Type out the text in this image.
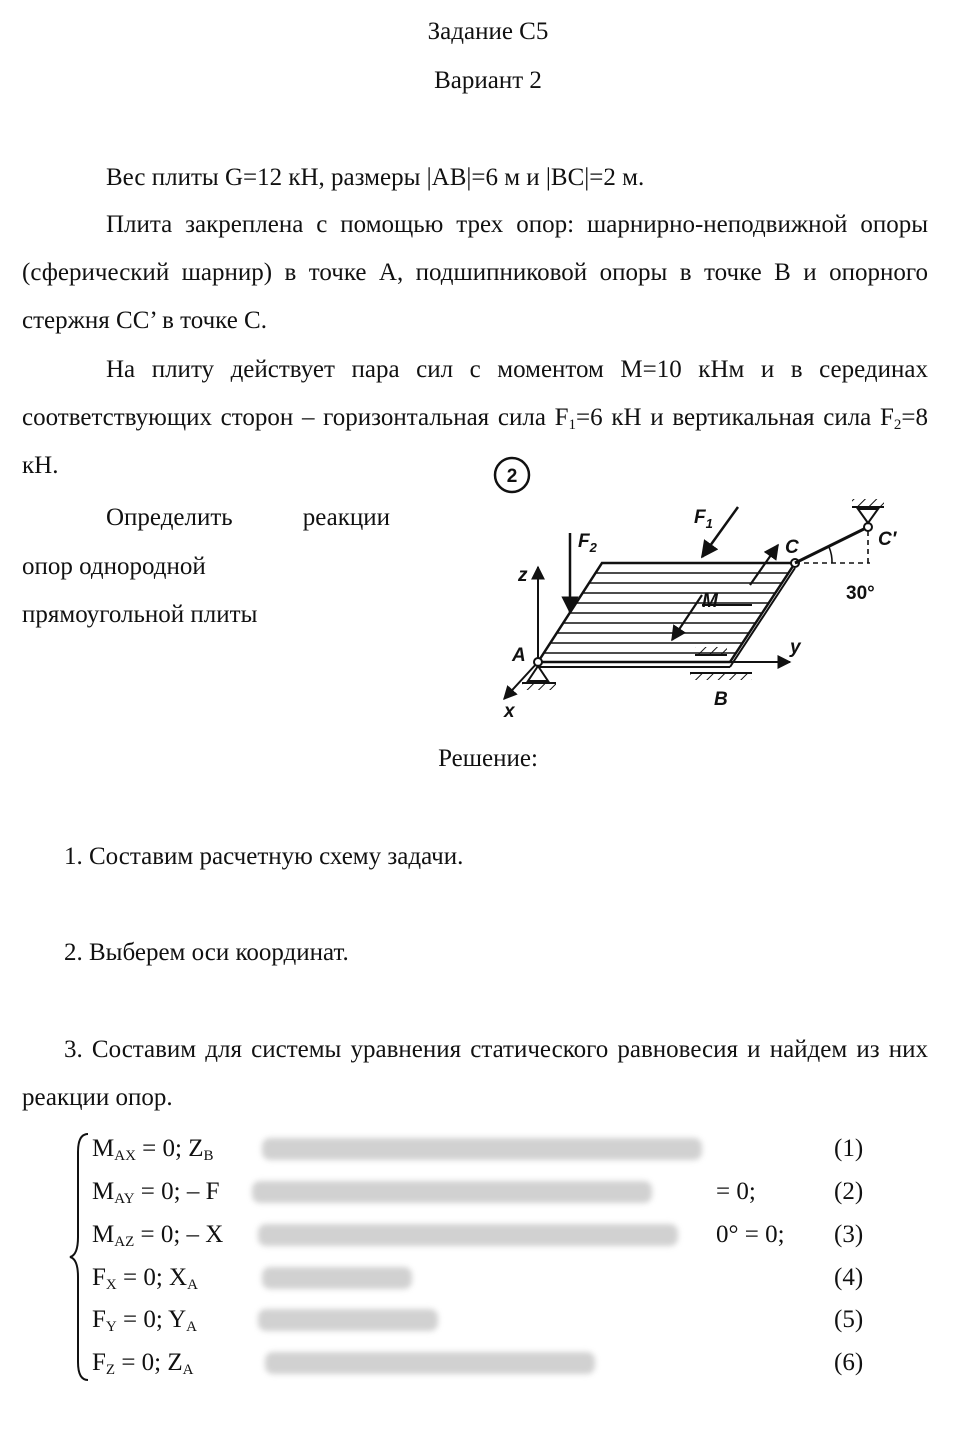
Задание С5
Вариант 2
Вес плиты G=12 кН, размеры |AB|=6 м и |BC|=2 м.
Плита закреплена с помощью трех опор: шарнирно-неподвижной опоры (сферический шарнир) в точке А, подшипниковой опоры в точке В и опорного стержня СС’ в точке С.
На плиту действует пара сил с моментом М=10 кНм и в серединах соответствующих сторон – горизонтальная сила $F_1=6$ кН и вертикальная сила $F_2=8$ кН.
Определить	реакции
опор однородной
прямоугольной плиты
2
z
y
x
A
B
$F_2$
$F_1$
M
C
30°
C′
Решение:
1. Составим расчетную схему задачи.
2. Выберем оси координат.
3. Составим для системы уравнения статического равновесия и найдем из них реакции опор.
$M_{AX} = 0$; $Z_B$	(1)
$M_{AY} = 0$; – F	= 0;	(2)
$M_{AZ} = 0$; – X	0° = 0; (3)
$F_X = 0$; $X_A$	(4)
$F_Y = 0$; $Y_A$	(5)
$F_Z = 0$; $Z_A$	(6)
